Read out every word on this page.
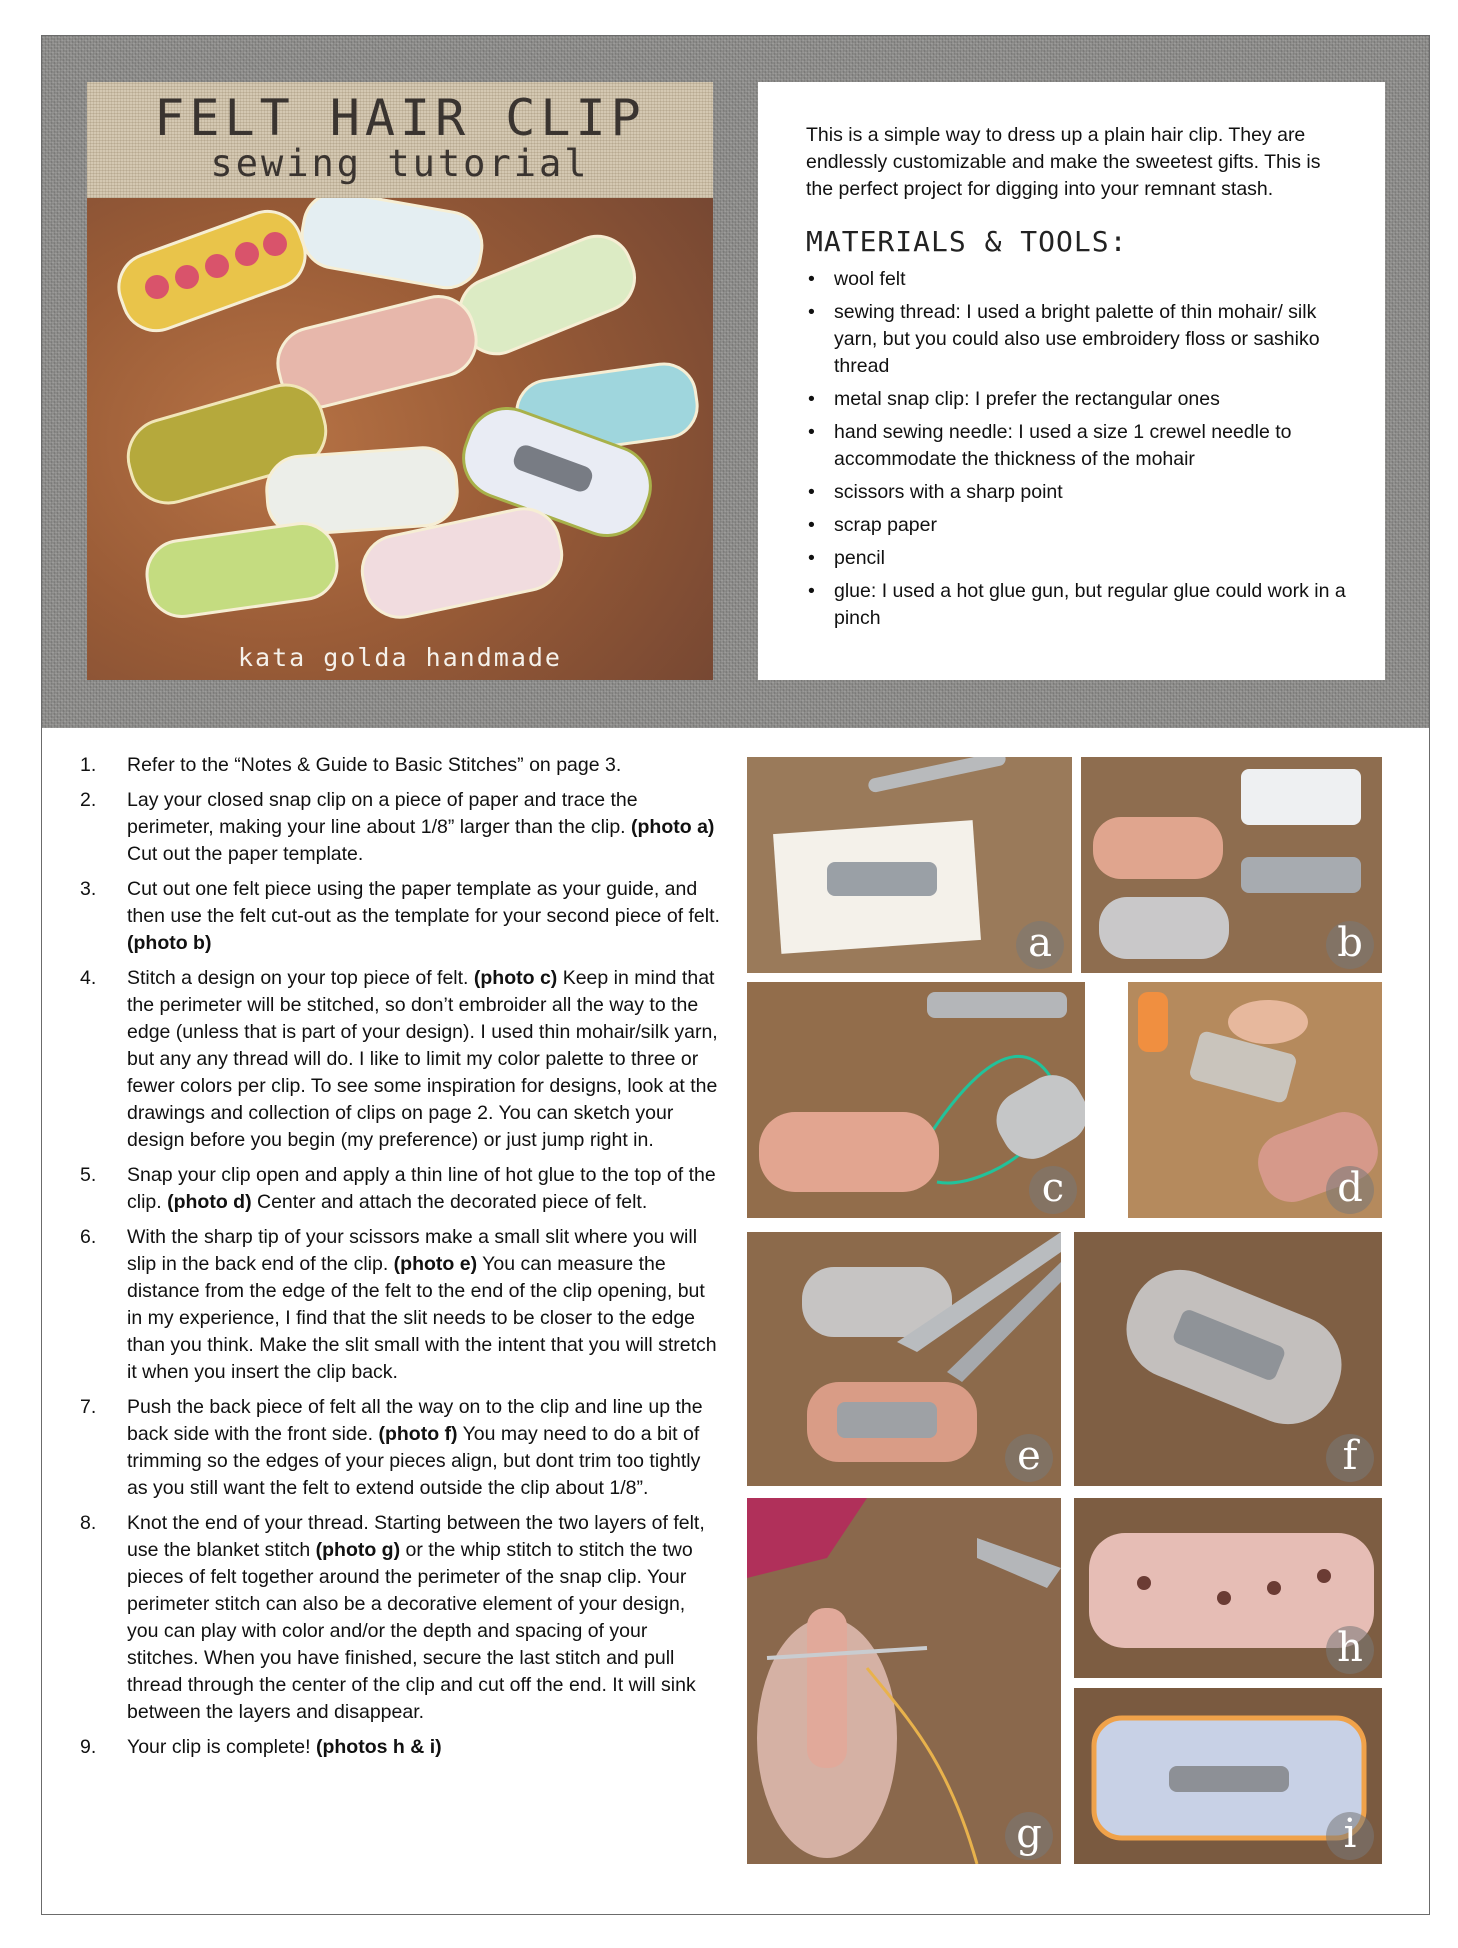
FELT HAIR CLIP
sewing tutorial
kata golda handmade

This is a simple way to dress up a plain hair clip. They are endlessly customizable and make the sweetest gifts. This is the perfect project for digging into your remnant stash.

MATERIALS & TOOLS:
• wool felt
• sewing thread: I used a bright palette of thin mohair/ silk yarn, but you could also use embroidery floss or sashiko thread
• metal snap clip: I prefer the rectangular ones
• hand sewing needle: I used a size 1 crewel needle to accommodate the thickness of the mohair
• scissors with a sharp point
• scrap paper
• pencil
• glue: I used a hot glue gun, but regular glue could work in a pinch
1. Refer to the “Notes & Guide to Basic Stitches” on page 3.
2. Lay your closed snap clip on a piece of paper and trace the perimeter, making your line about 1/8” larger than the clip. (photo a) Cut out the paper template.
3. Cut out one felt piece using the paper template as your guide, and then use the felt cut-out as the template for your second piece of felt. (photo b)
4. Stitch a design on your top piece of felt. (photo c) Keep in mind that the perimeter will be stitched, so don’t embroider all the way to the edge (unless that is part of your design). I used thin mohair/silk yarn, but any any thread will do. I like to limit my color palette to three or fewer colors per clip. To see some inspiration for designs, look at the drawings and collection of clips on page 2. You can sketch your design before you begin (my preference) or just jump right in.
5. Snap your clip open and apply a thin line of hot glue to the top of the clip. (photo d) Center and attach the decorated piece of felt.
6. With the sharp tip of your scissors make a small slit where you will slip in the back end of the clip. (photo e) You can measure the distance from the edge of the felt to the end of the clip opening, but in my experience, I find that the slit needs to be closer to the edge than you think. Make the slit small with the intent that you will stretch it when you insert the clip back.
7. Push the back piece of felt all the way on to the clip and line up the back side with the front side. (photo f) You may need to do a bit of trimming so the edges of your pieces align, but dont trim too tightly as you still want the felt to extend outside the clip about 1/8”.
8. Knot the end of your thread. Starting between the two layers of felt, use the blanket stitch (photo g) or the whip stitch to stitch the two pieces of felt together around the perimeter of the snap clip. Your perimeter stitch can also be a decorative element of your design, you can play with color and/or the depth and spacing of your stitches. When you have finished, secure the last stitch and pull thread through the center of the clip and cut off the end. It will sink between the layers and disappear.
9. Your clip is complete! (photos h & i)
a	b
c	d
e	f
g
h
i
